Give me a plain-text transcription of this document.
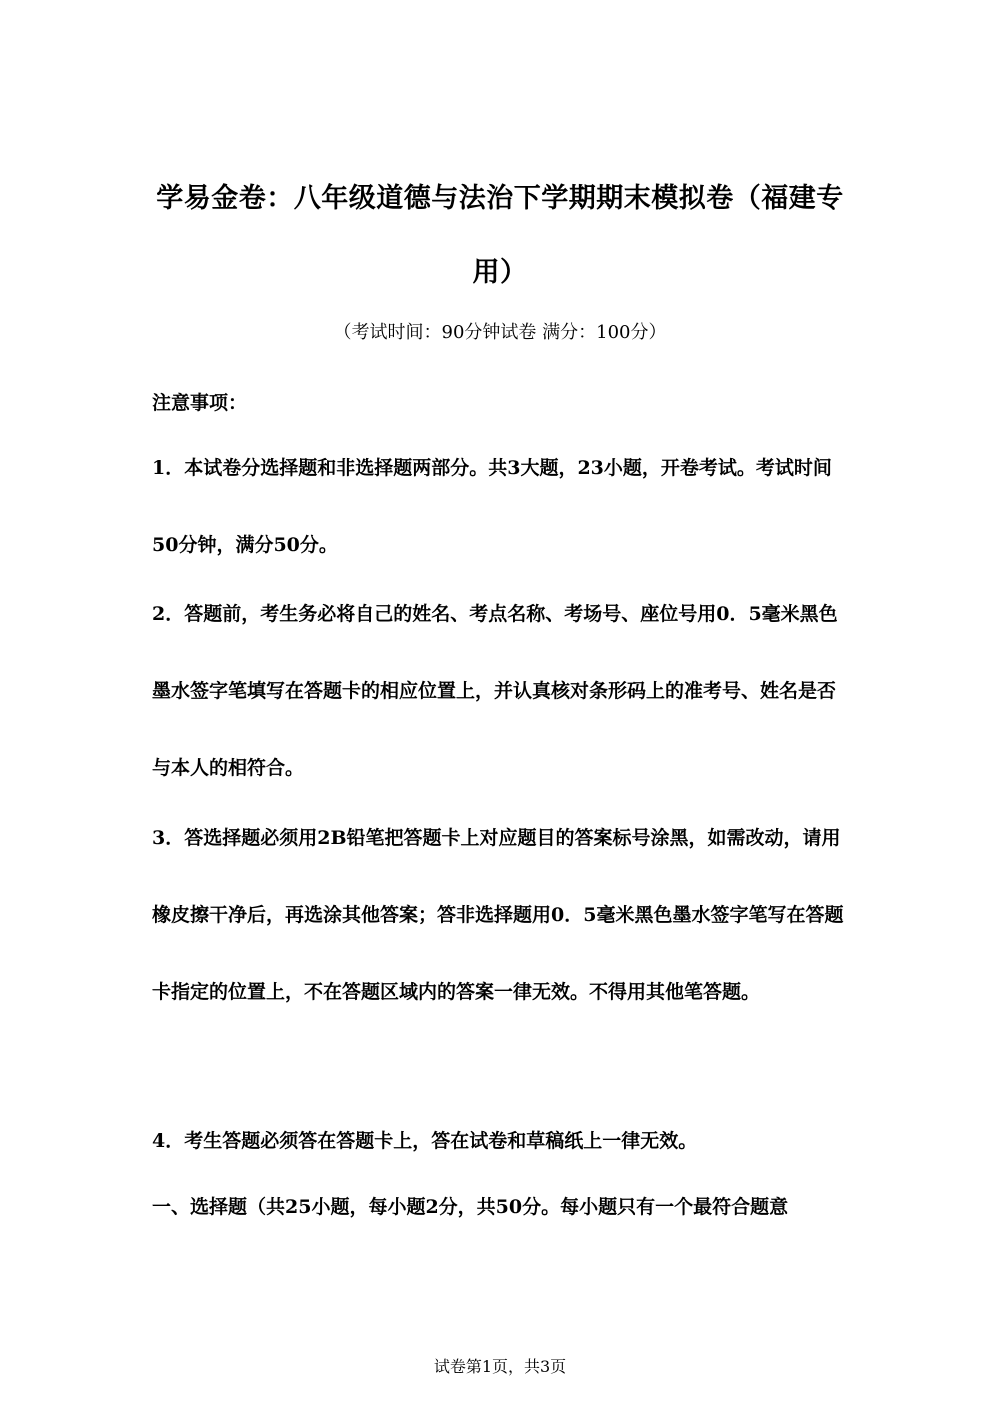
学易金卷：八年级道德与法治下学期期末模拟卷（福建专用）
（考试时间：90分钟试卷 满分：100分）
注意事项：
1．本试卷分选择题和非选择题两部分。共3大题，23小题，开卷考试。考试时间50分钟，满分50分。
2．答题前，考生务必将自己的姓名、考点名称、考场号、座位号用0．5毫米黑色墨水签字笔填写在答题卡的相应位置上，并认真核对条形码上的准考号、姓名是否与本人的相符合。
3．答选择题必须用2B铅笔把答题卡上对应题目的答案标号涂黑，如需改动，请用橡皮擦干净后，再选涂其他答案；答非选择题用0．5毫米黑色墨水签字笔写在答题卡指定的位置上，不在答题区域内的答案一律无效。不得用其他笔答题。
4．考生答题必须答在答题卡上，答在试卷和草稿纸上一律无效。
一、选择题（共25小题，每小题2分，共50分。每小题只有一个最符合题意
试卷第1页，共3页
